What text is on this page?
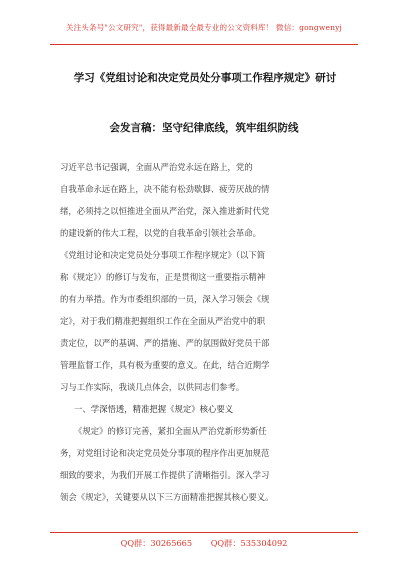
关注头条号"公文研究"，获得最新最全最专业的公文资料库！ 微信：gongwenyj
学习《党组讨论和决定党员处分事项工作程序规定》研讨
会发言稿：坚守纪律底线，筑牢组织防线
习近平总书记强调，全面从严治党永远在路上，党的
自我革命永远在路上，决不能有松劲歇脚、疲劳厌战的情
绪，必须持之以恒推进全面从严治党，深入推进新时代党
的建设新的伟大工程，以党的自我革命引领社会革命。
《党组讨论和决定党员处分事项工作程序规定》（以下简
称《规定》）的修订与发布，正是贯彻这一重要指示精神
的有力举措。作为市委组织部的一员，深入学习领会《规
定》，对于我们精准把握组织工作在全面从严治党中的职
责定位，以严的基调、严的措施、严的氛围做好党员干部
管理监督工作，具有极为重要的意义。在此，结合近期学
习与工作实际，我谈几点体会，以供同志们参考。
一、学深悟透，精准把握《规定》核心要义
《规定》的修订完善，紧扣全面从严治党新形势新任
务，对党组讨论和决定党员处分事项的程序作出更加规范
细致的要求，为我们开展工作提供了清晰指引。深入学习
领会《规定》，关键要从以下三方面精准把握其核心要义。
QQ群：30265665 QQ群：535304092
